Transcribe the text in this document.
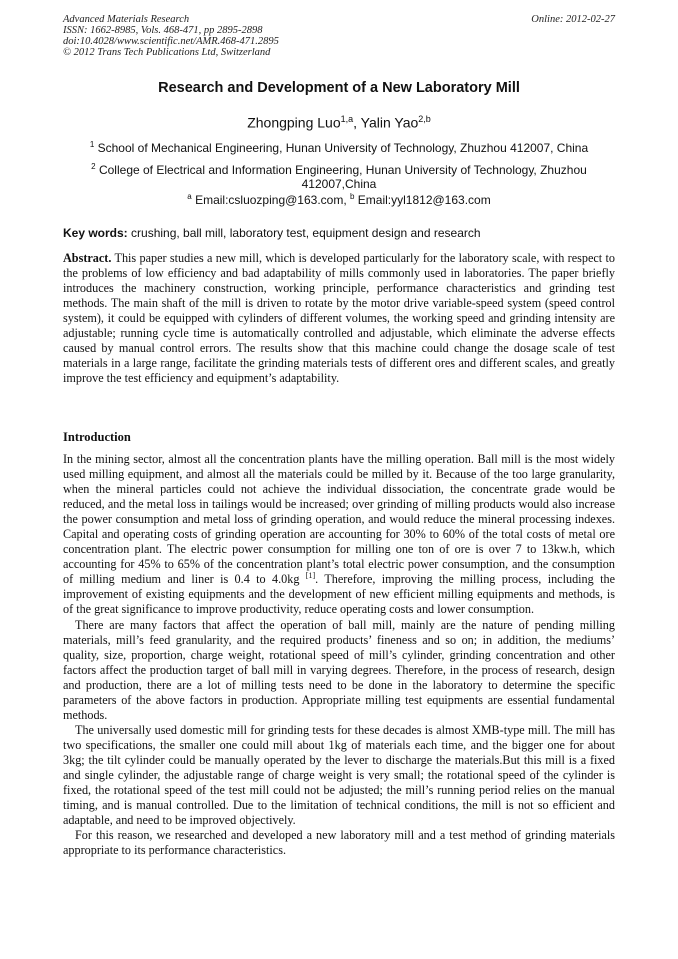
Advanced Materials Research
ISSN: 1662-8985, Vols. 468-471, pp 2895-2898
doi:10.4028/www.scientific.net/AMR.468-471.2895
© 2012 Trans Tech Publications Ltd, Switzerland
Online: 2012-02-27
Research and Development of a New Laboratory Mill
Zhongping Luo$^{1,a}$, Yalin Yao$^{2,b}$
$^1$ School of Mechanical Engineering, Hunan University of Technology, Zhuzhou 412007, China
$^2$ College of Electrical and Information Engineering, Hunan University of Technology, Zhuzhou 412007,China
$^a$ Email:csluozping@163.com, $^b$ Email:yyl1812@163.com
Key words: crushing, ball mill, laboratory test, equipment design and research

Abstract. This paper studies a new mill, which is developed particularly for the laboratory scale, with respect to the problems of low efficiency and bad adaptability of mills commonly used in laboratories. The paper briefly introduces the machinery construction, working principle, performance characteristics and grinding test methods. The main shaft of the mill is driven to rotate by the motor drive variable-speed system (speed control system), it could be equipped with cylinders of different volumes, the working speed and grinding intensity are adjustable; running cycle time is automatically controlled and adjustable, which eliminate the adverse effects caused by manual control errors. The results show that this machine could change the dosage scale of test materials in a large range, facilitate the grinding materials tests of different ores and different scales, and greatly improve the test efficiency and equipment’s adaptability.

Introduction

In the mining sector, almost all the concentration plants have the milling operation. Ball mill is the most widely used milling equipment, and almost all the materials could be milled by it. Because of the too large granularity, when the mineral particles could not achieve the individual dissociation, the concentrate grade would be reduced, and the metal loss in tailings would be increased; over grinding of milling products would also increase the power consumption and metal loss of grinding operation, and would reduce the mineral processing indexes. Capital and operating costs of grinding operation are accounting for 30% to 60% of the total costs of metal ore concentration plant. The electric power consumption for milling one ton of ore is over 7 to 13kw.h, which accounting for 45% to 65% of the concentration plant’s total electric power consumption, and the consumption of milling medium and liner is 0.4 to 4.0kg [1]. Therefore, improving the milling process, including the improvement of existing equipments and the development of new efficient milling equipments and methods, is of the great significance to improve productivity, reduce operating costs and lower consumption.

There are many factors that affect the operation of ball mill, mainly are the nature of pending milling materials, mill’s feed granularity, and the required products’ fineness and so on; in addition, the mediums’ quality, size, proportion, charge weight, rotational speed of mill’s cylinder, grinding concentration and other factors affect the production target of ball mill in varying degrees. Therefore, in the process of research, design and production, there are a lot of milling tests need to be done in the laboratory to determine the specific parameters of the above factors in production. Appropriate milling test equipments are essential fundamental methods.

The universally used domestic mill for grinding tests for these decades is almost XMB-type mill. The mill has two specifications, the smaller one could mill about 1kg of materials each time, and the bigger one for about 3kg; the tilt cylinder could be manually operated by the lever to discharge the materials.But this mill is a fixed and single cylinder, the adjustable range of charge weight is very small; the rotational speed of the cylinder is fixed, the rotational speed of the test mill could not be adjusted; the mill’s running period relies on the manual timing, and is manual controlled. Due to the limitation of technical conditions, the mill is not so efficient and adaptable, and need to be improved objectively.

For this reason, we researched and developed a new laboratory mill and a test method of grinding materials appropriate to its performance characteristics.
